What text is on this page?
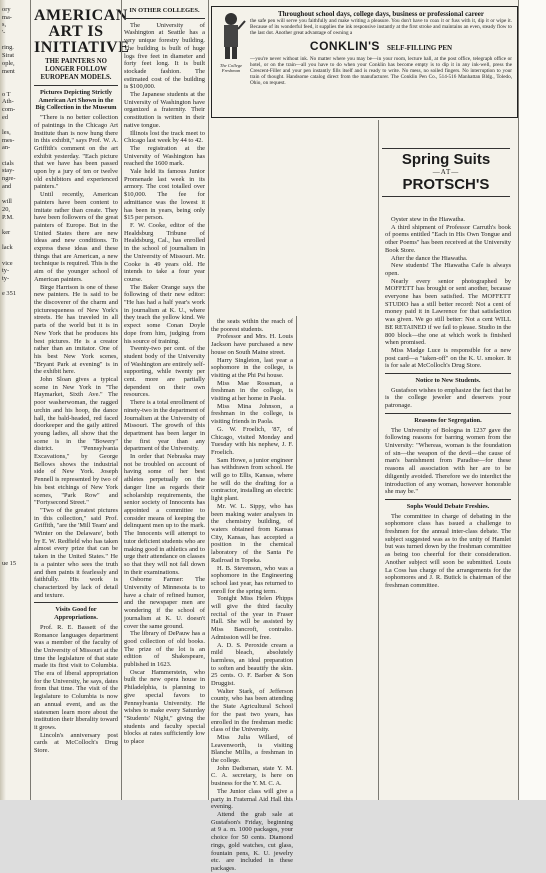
ory
ma-
s,
'-
ring.
Sirat
ople,
ment
o T
Ath-
com-
ed
les,
mes-
an-
cials
stay-
ngre-
and
will
20,
P.M.
ker
lack
vice
ty-
ty-
e 351
ue 15
AMERICAN ART IS INITIATIVE
THE PAINTERS NO LONGER FOLLOW EUROPEAN MODELS.
Pictures Depicting Strictly American Art Shown in the Big Collection in the Museum

"There is no better collection of paintings in the Chicago Art Institute than is now hung there in this exhibit," says Prof. W. A. Griffith's comment on the art exhibit yesterday. "Each picture that we have has been passed upon by a jury of ten or twelve old exhibitors and experienced painters."

Until recently, American painters have been content to imitate rather than create. They have been followers of the great painters of Europe. But in the United States there are new ideas and new conditions. To express these ideas and these things that are American, a new technique is required. This is the aim of the younger school of American painters.

Birge Harrison is one of these new painters. He is said to be the discoverer of the charm and picturesqueness of New York's streets. He has traveled in all parts of the world but it is in New York that he produces his best pictures. He is a creator rather than an imitator. One of his best New York scenes, "Bryant Park at evening" is in the exhibit here.

John Sloan gives a typical scene in New York in "The Haymarket, Sixth Ave." The poor washerwoman, the ragged urchin and his hoop, the dance hall, the bald-headed, red faced doorkeeper and the gaily attired young ladies, all show that the scene is in the "Bowery" district. "Pennsylvania Excavations," by George Bellows shows the industrial side of New York. Joseph Pennell is represented by two of his best etchings of New York scenes, "Park Row" and "Fortysecond Street."

"Two of the greatest pictures in this collection," said Prof. Griffith, "are the 'Mill Team' and 'Winter on the Delaware', both by E. W. Redfield who has taken almost every prize that can be taken in the United States." He is a painter who sees the truth and then paints it fearlessly and faithfully. His work is characterized by lack of detail and texture.

Visits Good for Appropriations.

Prof. R. E. Bassett of the Romance languages department was a member of the faculty of the University of Missouri at the time the legislature of that state made its first visit to Columbia. The era of liberal appropriation for the University, he says, dates from that time. The visit of the legislature to Columbia is now an annual event, and as the statesmen learn more about the institution their liberality toward it grows.

Lincoln's anniversary post cards at McColloch's Drug Store.

IN OTHER COLLEGES.

The University of Washington at Seattle has a very unique forestry building. The building is built of huge logs five feet in diameter and forty feet long. It is built stockade fashion. The estimated cost of the building is $100,000.

The Japanese students at the University of Washington have organized a fraternity. Their constitution is written in their native tongue.

Illinois lost the track meet to Chicago last week by 44 to 42.

The registration at the University of Washington has reached the 1600 mark.

Yale held its famous Junior Promenade last week in its armory. The cost totalled over $10,000. The fee for admittance was the lowest it has been in years, being only $15 per person.

F. W. Cooke, editor of the Healdsburg Tribune of Healdsburg, Cal., has enrolled in the school of journalism in the University of Missouri. Mr. Cooke is 49 years old. He intends to take a four year course.

The Baker Orange says the following of their new editor: "He has had a half year's work in journalism at K. U., where they teach the yellow kind. We expect some Conan Doyle dope from him, judging from his source of training.

Twenty-two per cent. of the student body of the University of Washington are entirely self-supporting, while twenty per cent. more are partially dependent on their own resources.

There is a total enrollment of ninety-two in the department of Journalism at the University of Missouri. The growth of this department has been larger in the first year than any department of the University.

In order that Nebraska may not be troubled on account of having some of her best athletes perpetually on the danger line as regards their scholarship requirements, the senior society of Innocents has appointed a committee to consider means of keeping the delinquent men up to the mark. The Innocents will attempt to tutor deficient students who are making good in athletics and to urge their attendance on classes so that they will not fall down in their examinations.

Osborne Farmer: The University of Minnesota is to have a chair of refined humor, and the newspaper men are wondering if the school of journalism at K. U. doesn't cover the same ground.

The library of DePauw has a good collection of old books. The prize of the lot is an edition of Shakespeare, published in 1623.

Oscar Hammerstein, who built the new opera house in Philadelphia, is planning to give special favors to Pennsylvania University. He wishes to make every Saturday "Students' Night," giving the students and faculty special blocks at rates sufficiently low to place

the seats within the reach of the poorest students.

Professor and Mrs. H. Louis Jackson have purchased a new house on South Maine street.

Harry Singleton, last year a sophomore in the college, is visiting at the Phi Psi house.

Miss Mae Rossman, a freshman in the college, is visiting at her home in Paola.

Miss Mina Johnson, a freshman in the college, is visiting friends in Paola.

G. W. Froelich, '87, of Chicago, visited Monday and Tuesday with his nephew, J. F. Froelich.

Sam Howe, a junior engineer has withdrawn from school. He will go to Ellis, Kansas, where he will do the drafting for a contractor, installing an electric light plant.

Mr. W. L. Sippy, who has been making water analyses in the chemistry building, of waters obtained from Kansas City, Kansas, has accepted a position in the chemical laboratory of the Santa Fe Railroad in Topeka.

H. B. Stevenson, who was a sophomore in the Engineering school last year, has returned to enroll for the spring term.

Tonight Miss Helen Phipps will give the third faculty recital of the year in Fraser Hall. She will be assisted by Miss Bancroft, contralto. Admission will be free.

A. D. S. Peroxide cream a mild bleach, absolutely harmless, an ideal preparation to soften and beautify the skin. 25 cents. O. F. Barber & Son Druggist.

Walter Stark, of Jefferson county, who has been attending the State Agricultural School for the past two years, has enrolled in the freshman medic class of the University.

Miss Julia Willard, of Leavenworth, is visiting Blanche Millis, a freshman in the college.

John Dadisman, state Y. M. C. A. secretary, is here on business for the Y. M. C. A.

The Junior class will give a party in Fraternal Aid Hall this evening.

Attend the grab sale at Gustafson's Friday, beginning at 9 a. m. 1000 packages, your choice for 50 cents. Diamond rings, gold watches, cut glass, fountain pens, K. U. jewelry etc. are included in these packages.

The College Freshman
Throughout school days, college days, business or professional career
the safe pen will serve you faithfully and make writing a pleasure. You don't have to coax it or fuss with it, dip it or wipe it. Because of its wonderful feed, it supplies the ink responsive instantly at the first stroke and maintains an even, steady flow to the last dot. Another great advantage of owning a
CONKLIN'S SELF-FILLING PEN
—you're never without ink. No matter where you may be—in your room, lecture hall, at the post office, telegraph office or hotel, or on the train—all you have to do when your Conklin has become empty is to dip it in any ink-well, press the Crescent-Filler and your pen instantly fills itself and is ready to write. No mess, no soiled fingers. No interruption to your train of thought. Handsome catalog direct from the manufacturer. The Conklin Pen Co., 514-516 Manhattan Bldg., Toledo, Ohio, on request.
Spring Suits
—AT—
PROTSCH'S

Oyster stew in the Hiawatha.

A third shipment of Professor Carruth's book of poems entitled "Each in His Own Tongue and other Poems" has been received at the University Book Store.

After the dance the Hiawatha.

New students! The Hiawatha Cafe is always open.

Nearly every senior photographed by MOFFETT has brought or sent another, because everyone has been satisfied. The MOFFETT STUDIO has a still better record: Not a cent of money paid it in Lawrence for that satisfaction was given. We go still better: Not a cent WILL BE RETAINED if we fail to please. Studio in the 800 block—the one at which work is finished when promised.

Miss Madge Luce is responsible for a new post card—a "taken-off" on the K. U. smoker. It is for sale at McColloch's Drug Store.

Notice to New Students.

Gustafson wishes to emphasize the fact that he is the college jeweler and deserves your patronage.

Reasons for Segregation.

The University of Bologna in 1237 gave the following reasons for barring women from the University: "Whereas, woman is the foundation of sin—the weapon of the devil—the cause of man's banishment from Paradise—for these reasons all association with her are to be diligently avoided. Therefore we do interdict the introduction of any woman, however honorable she may be."

Sophs Would Debate Freshies.

The committee in charge of debating in the sophomore class has issued a challenge to freshmen for the annual inter-class debate. The subject suggested was as to the unity of Hamlet but was turned down by the freshman committee as being too cheerful for their consideration. Another subject will soon be submitted. Louis La Coss has charge of the arrangements for the sophomores and J. R. Butick is chairman of the freshman committee.
